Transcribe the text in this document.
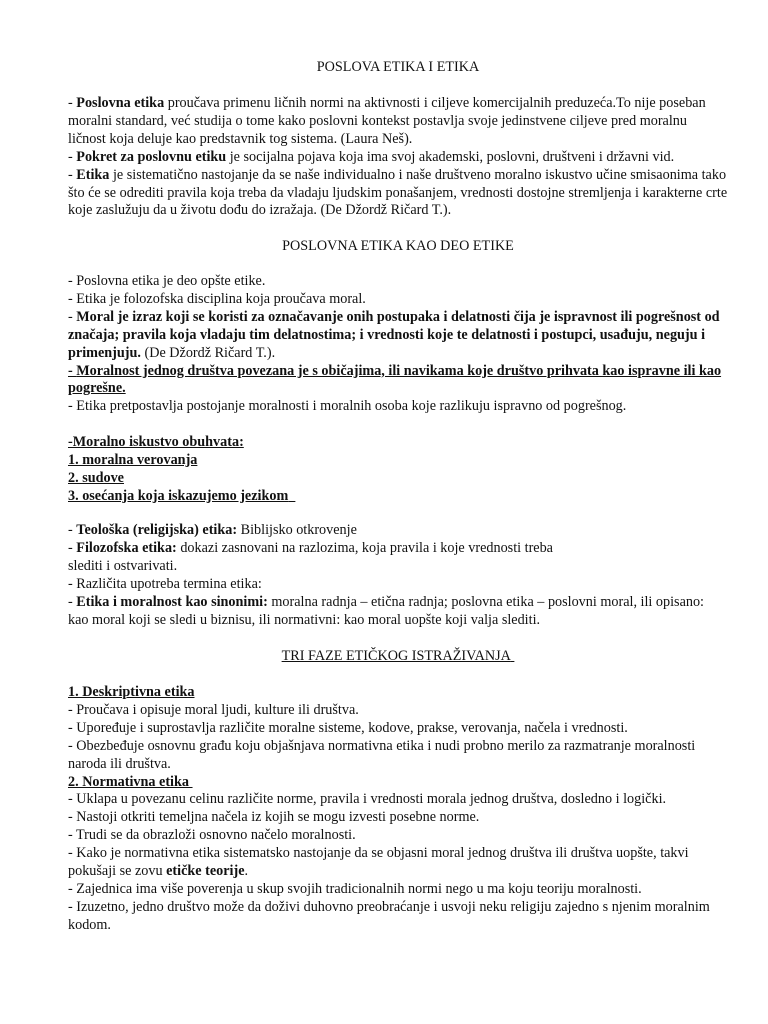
POSLOVA ETIKA I ETIKA

- Poslovna etika proučava primenu ličnih normi na aktivnosti i ciljeve komercijalnih preduzeća.To nije poseban moralni standard, već studija o tome kako poslovni kontekst postavlja svoje jedinstvene ciljeve pred moralnu ličnost koja deluje kao predstavnik tog sistema. (Laura Neš).

- Pokret za poslovnu etiku je socijalna pojava koja ima svoj akademski, poslovni, društveni i državni vid.

- Etika je sistematično nastojanje da se naše individualno i naše društveno moralno iskustvo učine smisaonima tako što će se odrediti pravila koja treba da vladaju ljudskim ponašanjem, vrednosti dostojne stremljenja i karakterne crte koje zaslužuju da u životu dođu do izražaja. (De Džordž Ričard T.).

POSLOVNA ETIKA KAO DEO ETIKE
- Poslovna etika je deo opšte etike.
- Etika je folozofska disciplina koja proučava moral.

- Moral je izraz koji se koristi za označavanje onih postupaka i delatnosti čija je ispravnost ili pogrešnost od značaja; pravila koja vladaju tim delatnostima; i vrednosti koje te delatnosti i postupci, usađuju, neguju i primenjuju. (De Džordž Ričard T.).

- Moralnost jednog društva povezana je s običajima, ili navikama koje društvo prihvata kao ispravne ili kao pogrešne.

- Etika pretpostavlja postojanje moralnosti i moralnih osoba koje razlikuju ispravno od pogrešnog.
-Moralno iskustvo obuhvata:
1. moralna verovanja
2. sudove
3. osećanja koja iskazujemo jezikom

- Teološka (religijska) etika: Biblijsko otkrovenje

- Filozofska etika: dokazi zasnovani na razlozima, koja pravila i koje vrednosti treba
slediti i ostvarivati.

- Različita upotreba termina etika:

- Etika i moralnost kao sinonimi: moralna radnja – etična radnja; poslovna etika – poslovni moral, ili opisano: kao moral koji se sledi u biznisu, ili normativni: kao moral uopšte koji valja slediti.

TRI FAZE ETIČKOG ISTRAŽIVANJA
1. Deskriptivna etika
- Proučava i opisuje moral ljudi, kulture ili društva.
- Upoređuje i suprostavlja različite moralne sisteme, kodove, prakse, verovanja, načela i vrednosti.
- Obezbeđuje osnovnu građu koju objašnjava normativna etika i nudi probno merilo za razmatranje moralnosti naroda ili društva.
2. Normativna etika
- Uklapa u povezanu celinu različite norme, pravila i vrednosti morala jednog društva, dosledno i logički.
- Nastoji otkriti temeljna načela iz kojih se mogu izvesti posebne norme.
- Trudi se da obrazloži osnovno načelo moralnosti.

- Kako je normativna etika sistematsko nastojanje da se objasni moral jednog društva ili društva uopšte, takvi pokušaji se zovu etičke teorije.

- Zajednica ima više poverenja u skup svojih tradicionalnih normi nego u ma koju teoriju moralnosti.
- Izuzetno, jedno društvo može da doživi duhovno preobraćanje i usvoji neku religiju zajedno s njenim moralnim kodom.
